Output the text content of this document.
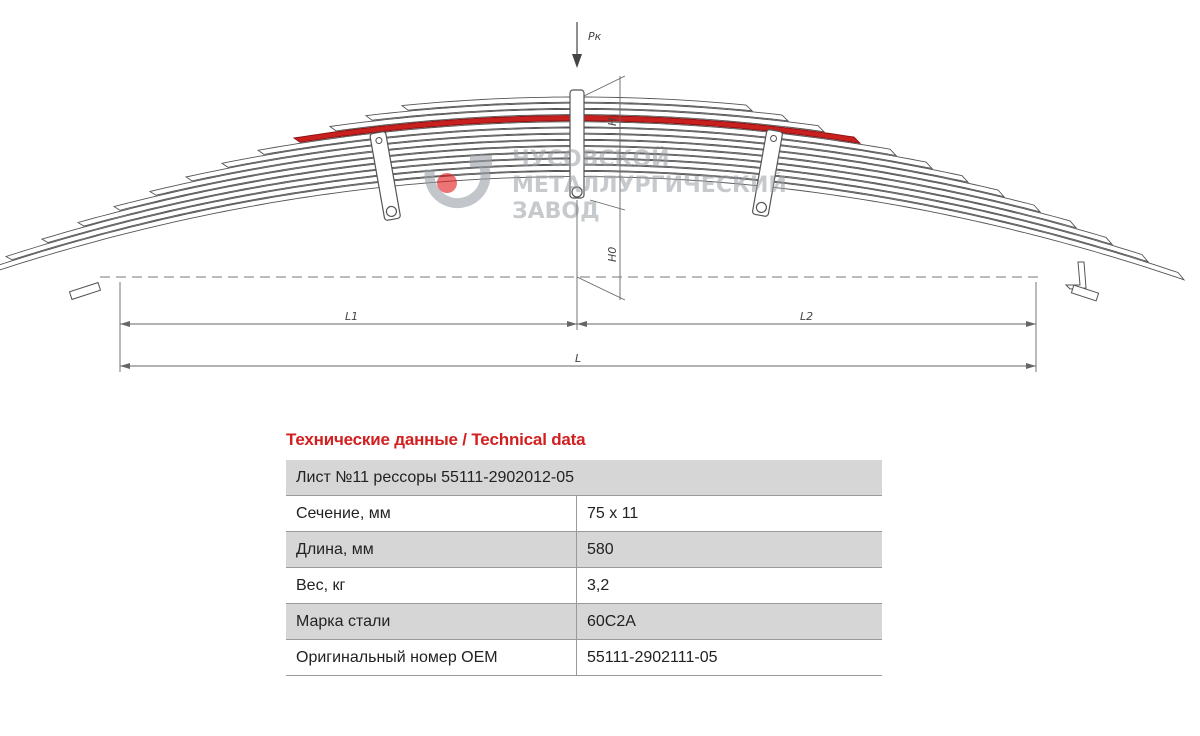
ЧУСОВСКОЙ
МЕТАЛЛУРГИЧЕСКИЙ
ЗАВОД
Pк
H
H0
L1	L2
L
Технические данные / Technical data
Лист №11 рессоры 55111-2902012-05	
Сечение, мм	75 х 11
Длина, мм	580
Вес, кг	3,2
Марка стали	60С2А
Оригинальный номер OEM	55111-2902111-05
